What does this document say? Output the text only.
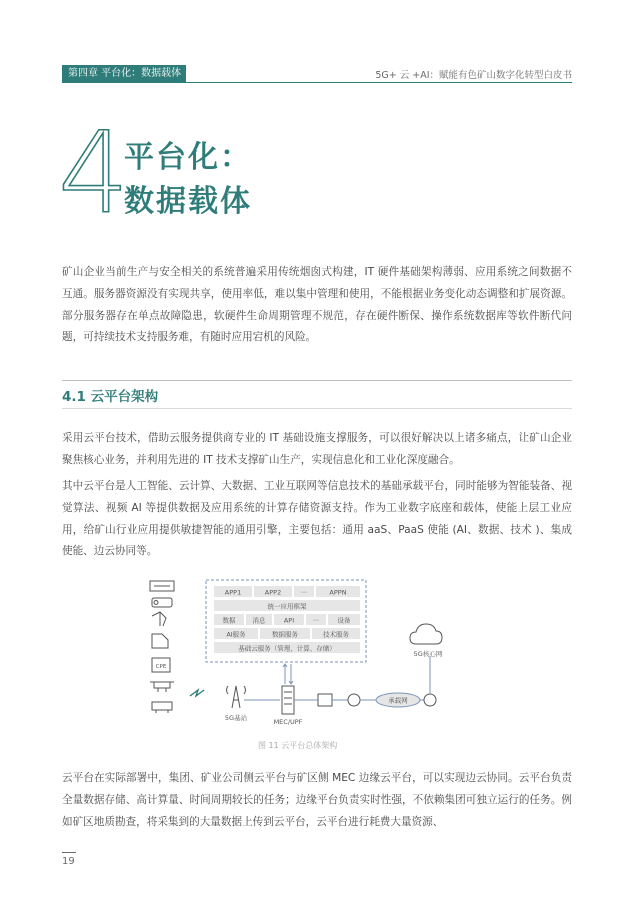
第四章 平台化：数据载体	5G+ 云 +AI：赋能有色矿山数字化转型白皮书
4
平台化：
数据载体

矿山企业当前生产与安全相关的系统普遍采用传统烟囱式构建，IT 硬件基础架构薄弱、应用系统之间数据不互通。服务器资源没有实现共享，使用率低，难以集中管理和使用，不能根据业务变化动态调整和扩展资源。部分服务器存在单点故障隐患，软硬件生命周期管理不规范，存在硬件断保、操作系统数据库等软件断代问题，可持续技术支持服务难，有随时应用宕机的风险。

4.1 云平台架构

采用云平台技术，借助云服务提供商专业的 IT 基础设施支撑服务，可以很好解决以上诸多痛点，让矿山企业聚焦核心业务，并利用先进的 IT 技术支撑矿山生产，实现信息化和工业化深度融合。

其中云平台是人工智能、云计算、大数据、工业互联网等信息技术的基础承载平台，同时能够为智能装备、视觉算法、视频 AI 等提供数据及应用系统的计算存储资源支持。作为工业数字底座和载体，使能上层工业应用，给矿山行业应用提供敏捷智能的通用引擎，主要包括：通用 aaS、PaaS 使能 (AI、数据、技术 )、集成使能、边云协同等。

APP1	APP2	···	APPN
统一应用框架
数据	消息	API	···	设备
AI服务	数据服务	技术服务
基础云服务（管理、计算、存储）
CPE
5G基站	MEC/UPF
承载网
5G核心网
图 11 云平台总体架构

云平台在实际部署中，集团、矿业公司侧云平台与矿区侧 MEC 边缘云平台，可以实现边云协同。云平台负责全量数据存储、高计算量、时间周期较长的任务；边缘平台负责实时性强，不依赖集团可独立运行的任务。例如矿区地质勘查，将采集到的大量数据上传到云平台，云平台进行耗费大量资源、

19
